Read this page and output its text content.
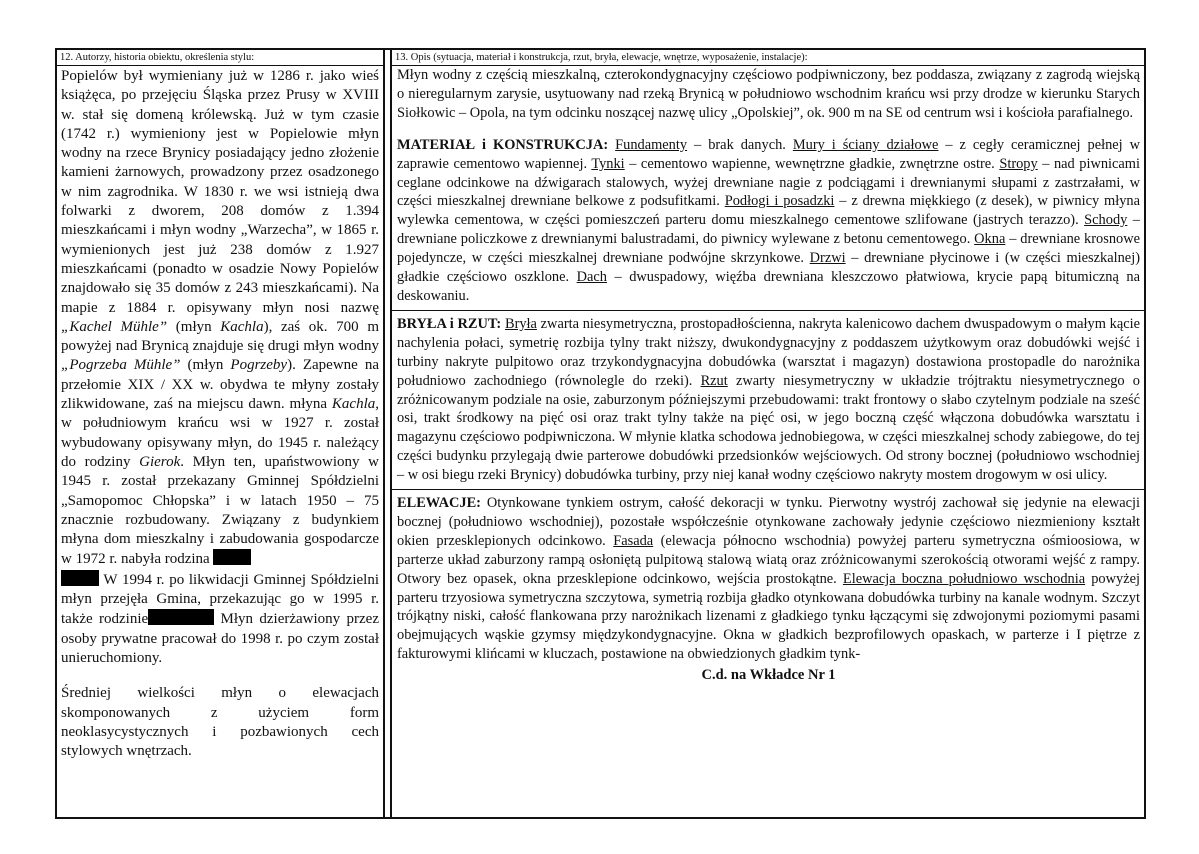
12. Autorzy, historia obiektu, określenia stylu:

Popielów był wymieniany już w 1286 r. jako wieś książęca, po przejęciu Śląska przez Prusy w XVIII w. stał się domeną królewską. Już w tym czasie (1742 r.) wymieniony jest w Popielowie młyn wodny na rzece Brynicy posiadający jedno złożenie kamieni żarnowych, prowadzony przez osadzonego w nim zagrodnika. W 1830 r. we wsi istnieją dwa folwarki z dworem, 208 domów z 1.394 mieszkańcami i młyn wodny „Warzecha”, w 1865 r. wymienionych jest już 238 domów z 1.927 mieszkańcami (ponadto w osadzie Nowy Popielów znajdowało się 35 domów z 243 mieszkańcami). Na mapie z 1884 r. opisywany młyn nosi nazwę „Kachel Mühle” (młyn Kachla), zaś ok. 700 m powyżej nad Brynicą znajduje się drugi młyn wodny „Pogrzeba Mühle” (młyn Pogrzeby). Zapewne na przełomie XIX / XX w. obydwa te młyny zostały zlikwidowane, zaś na miejscu dawn. młyna Kachla, w południowym krańcu wsi w 1927 r. został wybudowany opisywany młyn, do 1945 r. należący do rodziny Gierok. Młyn ten, upaństwowiony w 1945 r. został przekazany Gminnej Spółdzielni „Samopomoc Chłopska” i w latach 1950 – 75 znacznie rozbudowany. Związany z budynkiem młyna dom mieszkalny i zabudowania gospodarcze w 1972 r. nabyła rodzina
W 1994 r. po likwidacji Gminnej Spółdzielni młyn przejęła Gmina, przekazując go w 1995 r. także rodzinie	Młyn dzierżawiony przez osoby prywatne pracował do 1998 r. po czym został unieruchomiony.

Średniej wielkości młyn o elewacjach skomponowanych z użyciem form neoklasycystycznych i pozbawionych cech stylowych wnętrzach.

13. Opis (sytuacja, materiał i konstrukcja, rzut, bryła, elewacje, wnętrze, wyposażenie, instalacje):

Młyn wodny z częścią mieszkalną, czterokondygnacyjny częściowo podpiwniczony, bez poddasza, związany z zagrodą wiejską o nieregularnym zarysie, usytuowany nad rzeką Brynicą w południowo wschodnim krańcu wsi przy drodze w kierunku Starych Siołkowic – Opola, na tym odcinku noszącej nazwę ulicy „Opolskiej”, ok. 900 m na SE od centrum wsi i kościoła parafialnego.

MATERIAŁ i KONSTRUKCJA: Fundamenty – brak danych. Mury i ściany działowe – z cegły ceramicznej pełnej w zaprawie cementowo wapiennej. Tynki – cementowo wapienne, wewnętrzne gładkie, zwnętrzne ostre. Stropy – nad piwnicami ceglane odcinkowe na dźwigarach stalowych, wyżej drewniane nagie z podciągami i drewnianymi słupami z zastrzałami, w części mieszkalnej drewniane belkowe z podsufitkami. Podłogi i posadzki – z drewna miękkiego (z desek), w piwnicy młyna wylewka cementowa, w części pomieszczeń parteru domu mieszkalnego cementowe szlifowane (jastrych terazzo). Schody – drewniane policzkowe z drewnianymi balustradami, do piwnicy wylewane z betonu cementowego. Okna – drewniane krosnowe pojedyncze, w części mieszkalnej drewniane podwójne skrzynkowe. Drzwi – drewniane płycinowe i (w części mieszkalnej) gładkie częściowo oszklone. Dach – dwuspadowy, więźba drewniana kleszczowo płatwiowa, krycie papą bitumiczną na deskowaniu.

BRYŁA i RZUT: Bryła zwarta niesymetryczna, prostopadłościenna, nakryta kalenicowo dachem dwuspadowym o małym kącie nachylenia połaci, symetrię rozbija tylny trakt niższy, dwukondygnacyjny z poddaszem użytkowym oraz dobudówki wejść i turbiny nakryte pulpitowo oraz trzykondygnacyjna dobudówka (warsztat i magazyn) dostawiona prostopadle do narożnika południowo zachodniego (równolegle do rzeki). Rzut zwarty niesymetryczny w układzie trójtraktu niesymetrycznego o zróżnicowanym podziale na osie, zaburzonym późniejszymi przebudowami: trakt frontowy o słabo czytelnym podziale na sześć osi, trakt środkowy na pięć osi oraz trakt tylny także na pięć osi, w jego boczną część włączona dobudówka warsztatu i magazynu częściowo podpiwniczona. W młynie klatka schodowa jednobiegowa, w części mieszkalnej schody zabiegowe, do tej części budynku przylegają dwie parterowe dobudówki przedsionków wejściowych. Od strony bocznej (południowo wschodniej – w osi biegu rzeki Brynicy) dobudówka turbiny, przy niej kanał wodny częściowo nakryty mostem drogowym w osi ulicy.

ELEWACJE: Otynkowane tynkiem ostrym, całość dekoracji w tynku. Pierwotny wystrój zachował się jedynie na elewacji bocznej (południowo wschodniej), pozostałe współcześnie otynkowane zachowały jedynie częściowo niezmieniony kształt okien przesklepionych odcinkowo. Fasada (elewacja północno wschodnia) powyżej parteru symetryczna ośmioosiowa, w parterze układ zaburzony rampą osłoniętą pulpitową stalową wiatą oraz zróżnicowanymi szerokością otworami wejść z rampy. Otwory bez opasek, okna przesklepione odcinkowo, wejścia prostokątne. Elewacja boczna południowo wschodnia powyżej parteru trzyosiowa symetryczna szczytowa, symetrią rozbija gładko otynkowana dobudówka turbiny na kanale wodnym. Szczyt trójkątny niski, całość flankowana przy narożnikach lizenami z gładkiego tynku łączącymi się zdwojonymi poziomymi pasami obejmujących wąskie gzymsy międzykondygnacyjne. Okna w gładkich bezprofilowych opaskach, w parterze i I piętrze z fakturowymi klińcami w kluczach, postawione na obwiedzionych gładkim tynk-

C.d. na Wkładce Nr 1
